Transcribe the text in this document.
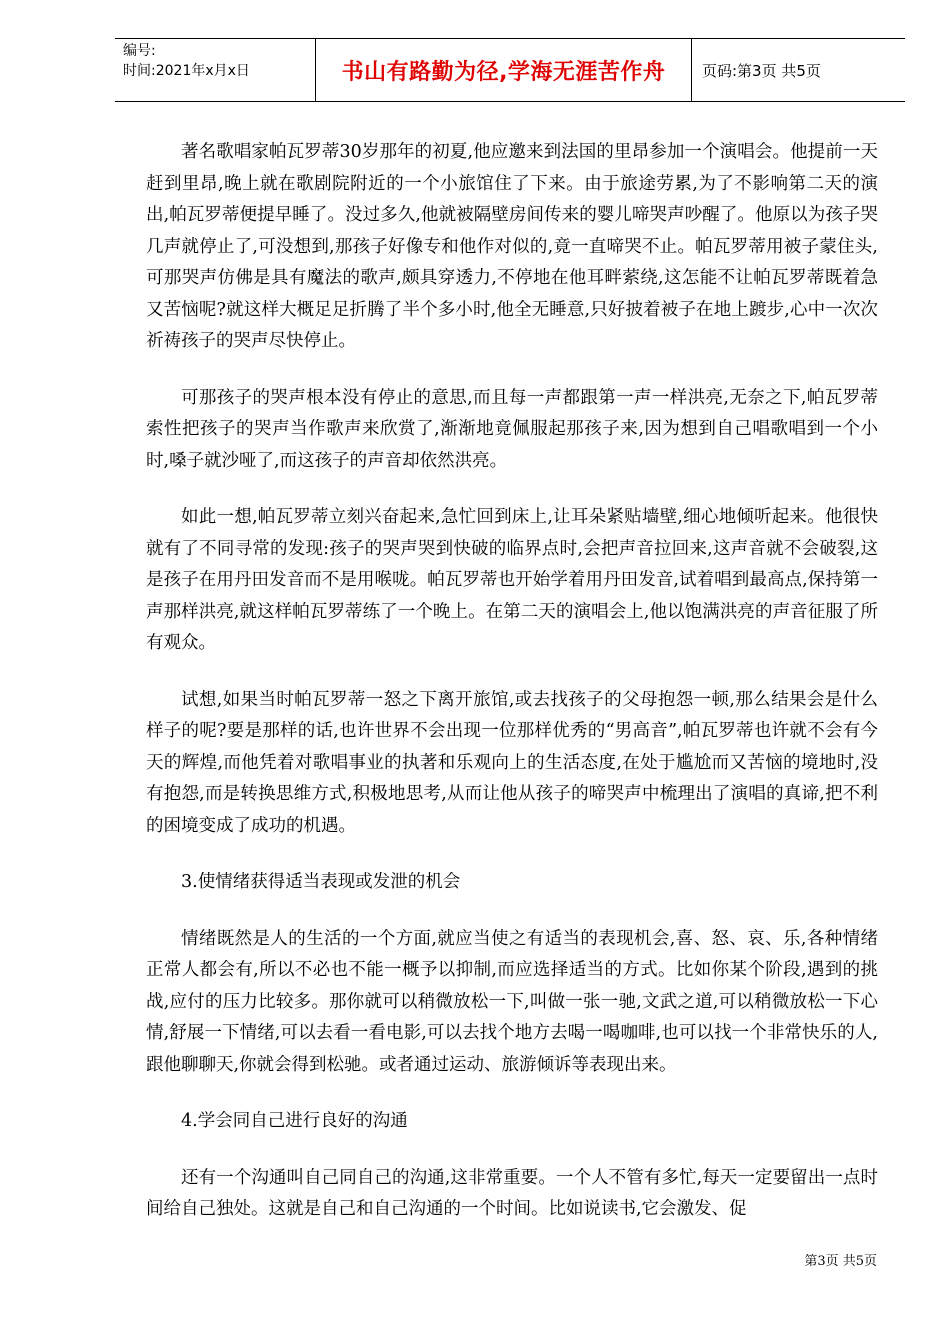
编号:
时间:2021年x月x日	书山有路勤为径,学海无涯苦作舟 页码:第3页 共5页

著名歌唱家帕瓦罗蒂30岁那年的初夏,他应邀来到法国的里昂参加一个演唱会。他提前一天赶到里昂,晚上就在歌剧院附近的一个小旅馆住了下来。由于旅途劳累,为了不影响第二天的演出,帕瓦罗蒂便提早睡了。没过多久,他就被隔壁房间传来的婴儿啼哭声吵醒了。他原以为孩子哭几声就停止了,可没想到,那孩子好像专和他作对似的,竟一直啼哭不止。帕瓦罗蒂用被子蒙住头,可那哭声仿佛是具有魔法的歌声,颇具穿透力,不停地在他耳畔萦绕,这怎能不让帕瓦罗蒂既着急又苦恼呢?就这样大概足足折腾了半个多小时,他全无睡意,只好披着被子在地上踱步,心中一次次祈祷孩子的哭声尽快停止。

可那孩子的哭声根本没有停止的意思,而且每一声都跟第一声一样洪亮,无奈之下,帕瓦罗蒂索性把孩子的哭声当作歌声来欣赏了,渐渐地竟佩服起那孩子来,因为想到自己唱歌唱到一个小时,嗓子就沙哑了,而这孩子的声音却依然洪亮。

如此一想,帕瓦罗蒂立刻兴奋起来,急忙回到床上,让耳朵紧贴墙壁,细心地倾听起来。他很快就有了不同寻常的发现:孩子的哭声哭到快破的临界点时,会把声音拉回来,这声音就不会破裂,这是孩子在用丹田发音而不是用喉咙。帕瓦罗蒂也开始学着用丹田发音,试着唱到最高点,保持第一声那样洪亮,就这样帕瓦罗蒂练了一个晚上。在第二天的演唱会上,他以饱满洪亮的声音征服了所有观众。

试想,如果当时帕瓦罗蒂一怒之下离开旅馆,或去找孩子的父母抱怨一顿,那么结果会是什么样子的呢?要是那样的话,也许世界不会出现一位那样优秀的“男高音”,帕瓦罗蒂也许就不会有今天的辉煌,而他凭着对歌唱事业的执著和乐观向上的生活态度,在处于尴尬而又苦恼的境地时,没有抱怨,而是转换思维方式,积极地思考,从而让他从孩子的啼哭声中梳理出了演唱的真谛,把不利的困境变成了成功的机遇。

3.使情绪获得适当表现或发泄的机会

情绪既然是人的生活的一个方面,就应当使之有适当的表现机会,喜、怒、哀、乐,各种情绪正常人都会有,所以不必也不能一概予以抑制,而应选择适当的方式。比如你某个阶段,遇到的挑战,应付的压力比较多。那你就可以稍微放松一下,叫做一张一驰,文武之道,可以稍微放松一下心情,舒展一下情绪,可以去看一看电影,可以去找个地方去喝一喝咖啡,也可以找一个非常快乐的人,跟他聊聊天,你就会得到松驰。或者通过运动、旅游倾诉等表现出来。

4.学会同自己进行良好的沟通

还有一个沟通叫自己同自己的沟通,这非常重要。一个人不管有多忙,每天一定要留出一点时间给自己独处。这就是自己和自己沟通的一个时间。比如说读书,它会激发、促

第3页 共5页
